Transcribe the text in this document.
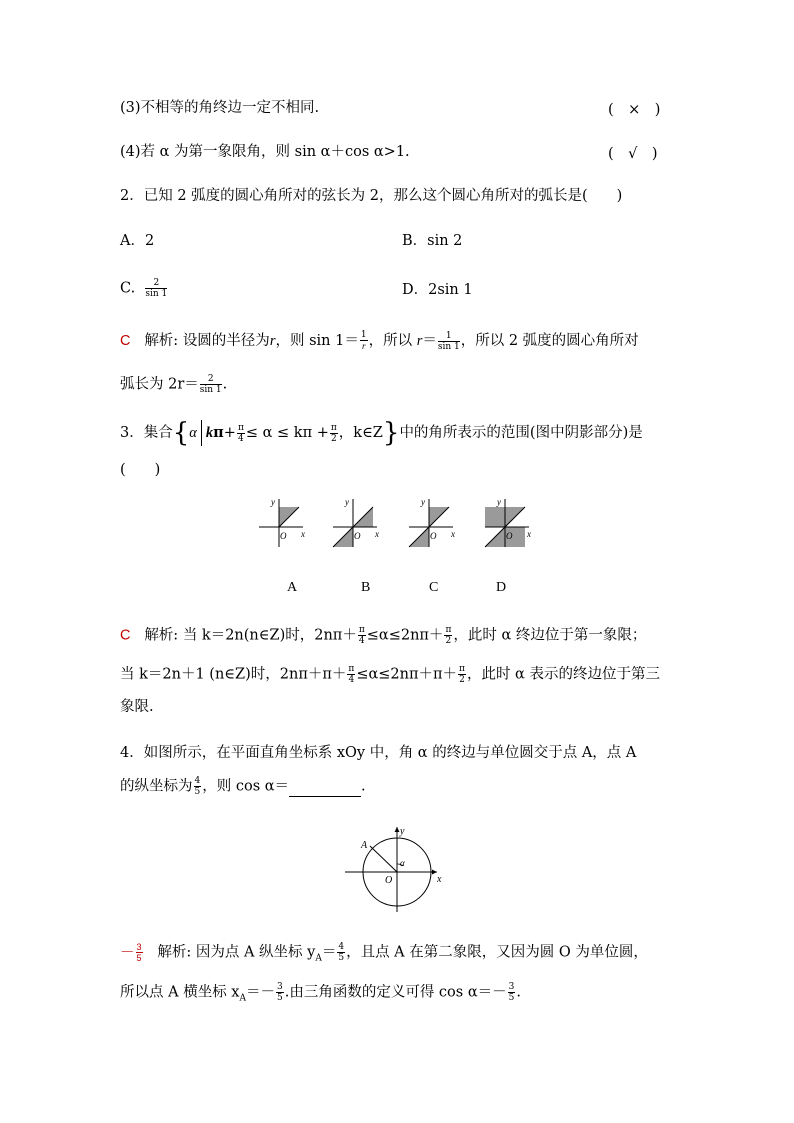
(3)不相等的角终边一定不相同.	(　×　)
(4)若 α 为第一象限角，则 sin α＋cos α>1.	(　√　)
2．已知 2 弧度的圆心角所对的弦长为 2，那么这个圆心角所对的弧长是(　　)
A．2	B．sin 2
C. $\frac{2}{\sin 1}$	D．2sin 1
C 解析: 设圆的半径为r，则 $\sin 1= \frac{1}{r}$，所以 $r= \frac{1}{\sin 1}$ ，所以 2 弧度的圆心角所对
弧长为 $2r= \frac{2}{\sin 1}$ .
3．集合{α $k\pi+ \frac{\pi}{4} \le \alpha \le k\pi + \frac{\pi}{2}$ ，k∈Z}中的角所表示的范围(图中阴影部分)是
(　　)
y
x
O
y
x
O
y
x
O
y
x
O
A	B	C	D
C 解析: 当 k＝2n(n∈Z)时，$2n\pi+ \frac{\pi}{4} \le\alpha\le 2n\pi+ \frac{\pi}{2}$ ，此时 α 终边位于第一象限；
当 k＝2n＋1 (n∈Z)时，$2n\pi+\pi+ \frac{\pi}{4} \le\alpha\le 2n\pi+\pi+ \frac{\pi}{2}$ ，此时 α 表示的终边位于第三
象限.
4．如图所示，在平面直角坐标系 xOy 中，角 α 的终边与单位圆交于点 A，点 A
的纵坐标为 $\frac{4}{5}$ ，则 cos α＝	.
A
y
x
O
α
－ $\frac{3}{5}$ 解析: 因为点 A 纵坐标 $y_A= \frac{4}{5}$ ，且点 A 在第二象限，又因为圆 O 为单位圆，
所以点 A 横坐标 $x_A=- \frac{3}{5}$ .由三角函数的定义可得 $\cos \alpha=- \frac{3}{5}$ .
